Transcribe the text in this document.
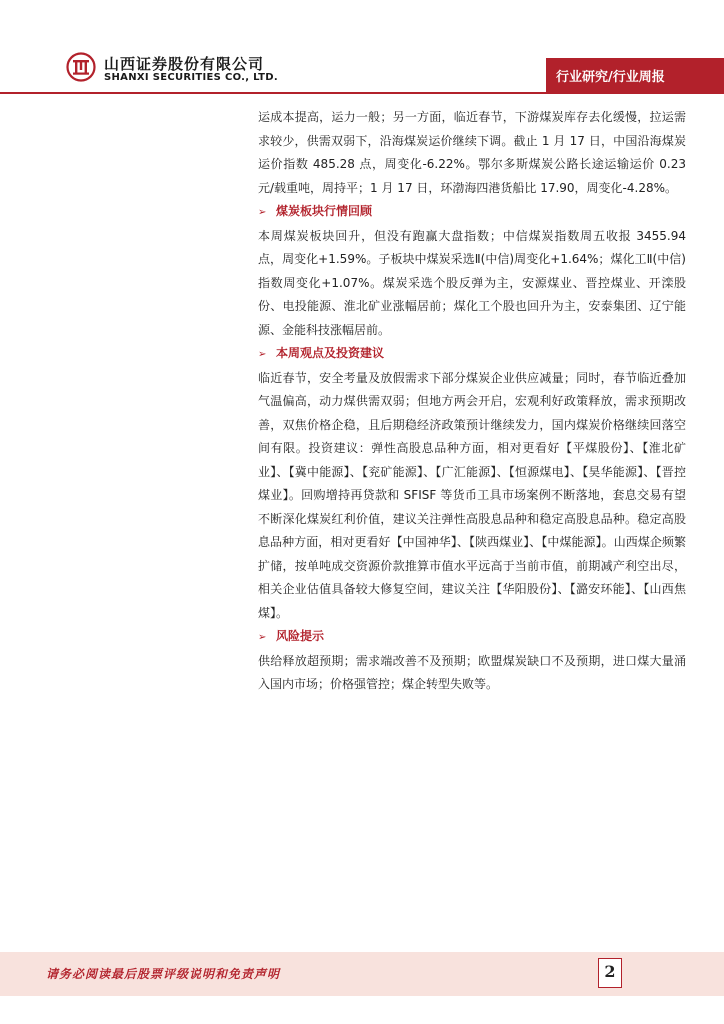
山西证券股份有限公司
SHANXI SECURITIES CO., LTD.	行业研究/行业周报

运成本提高，运力一般；另一方面，临近春节，下游煤炭库存去化缓慢，拉运需求较少，供需双弱下，沿海煤炭运价继续下调。截止 1 月 17 日，中国沿海煤炭运价指数 485.28 点，周变化-6.22%。鄂尔多斯煤炭公路长途运输运价 0.23 元/载重吨，周持平；1 月 17 日，环渤海四港货船比 17.90，周变化-4.28%。

➢ 煤炭板块行情回顾

本周煤炭板块回升，但没有跑赢大盘指数；中信煤炭指数周五收报 3455.94 点，周变化+1.59%。子板块中煤炭采选Ⅱ(中信)周变化+1.64%；煤化工Ⅱ(中信)指数周变化+1.07%。煤炭采选个股反弹为主，安源煤业、晋控煤业、开滦股份、电投能源、淮北矿业涨幅居前；煤化工个股也回升为主，安泰集团、辽宁能源、金能科技涨幅居前。

➢ 本周观点及投资建议

临近春节，安全考量及放假需求下部分煤炭企业供应减量；同时，春节临近叠加气温偏高，动力煤供需双弱；但地方两会开启，宏观利好政策释放，需求预期改善，双焦价格企稳，且后期稳经济政策预计继续发力，国内煤炭价格继续回落空间有限。投资建议：弹性高股息品种方面，相对更看好【平煤股份】、【淮北矿业】、【冀中能源】、【兖矿能源】、【广汇能源】、【恒源煤电】、【昊华能源】、【晋控煤业】。回购增持再贷款和 SFISF 等货币工具市场案例不断落地，套息交易有望不断深化煤炭红利价值，建议关注弹性高股息品种和稳定高股息品种。稳定高股息品种方面，相对更看好【中国神华】、【陕西煤业】、【中煤能源】。山西煤企频繁扩储，按单吨成交资源价款推算市值水平远高于当前市值，前期减产利空出尽，相关企业估值具备较大修复空间，建议关注【华阳股份】、【潞安环能】、【山西焦煤】。

➢ 风险提示

供给释放超预期；需求端改善不及预期；欧盟煤炭缺口不及预期，进口煤大量涌入国内市场；价格强管控；煤企转型失败等。

请务必阅读最后股票评级说明和免责声明	2
